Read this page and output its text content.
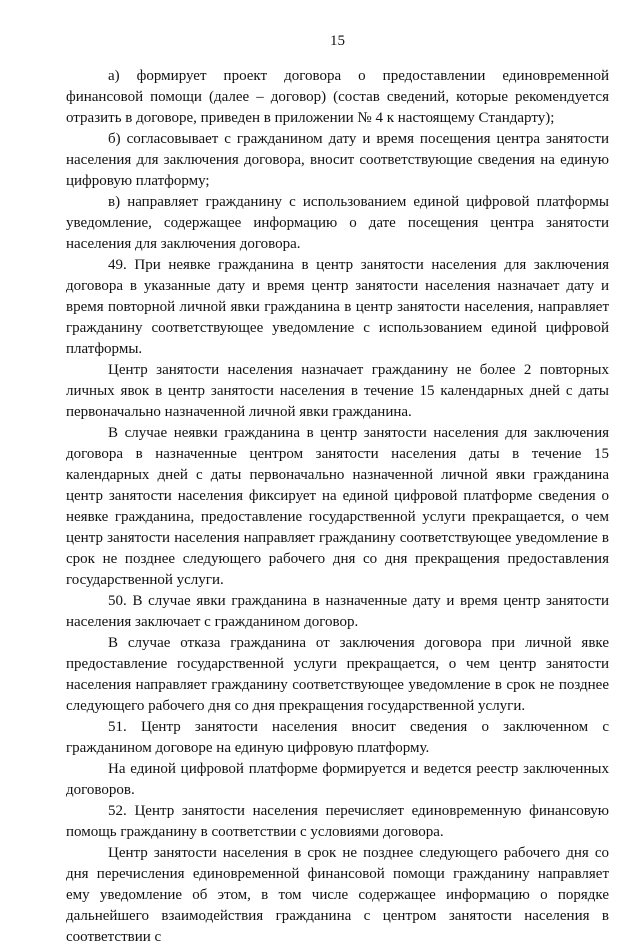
15

а) формирует проект договора о предоставлении единовременной финансовой помощи (далее – договор) (состав сведений, которые рекомендуется отразить в договоре, приведен в приложении № 4 к настоящему Стандарту);

б) согласовывает с гражданином дату и время посещения центра занятости населения для заключения договора, вносит соответствующие сведения на единую цифровую платформу;

в) направляет гражданину с использованием единой цифровой платформы уведомление, содержащее информацию о дате посещения центра занятости населения для заключения договора.

49. При неявке гражданина в центр занятости населения для заключения договора в указанные дату и время центр занятости населения назначает дату и время повторной личной явки гражданина в центр занятости населения, направляет гражданину соответствующее уведомление с использованием единой цифровой платформы.

Центр занятости населения назначает гражданину не более 2 повторных личных явок в центр занятости населения в течение 15 календарных дней с даты первоначально назначенной личной явки гражданина.

В случае неявки гражданина в центр занятости населения для заключения договора в назначенные центром занятости населения даты в течение 15 календарных дней с даты первоначально назначенной личной явки гражданина центр занятости населения фиксирует на единой цифровой платформе сведения о неявке гражданина, предоставление государственной услуги прекращается, о чем центр занятости населения направляет гражданину соответствующее уведомление в срок не позднее следующего рабочего дня со дня прекращения предоставления государственной услуги.

50. В случае явки гражданина в назначенные дату и время центр занятости населения заключает с гражданином договор.

В случае отказа гражданина от заключения договора при личной явке предоставление государственной услуги прекращается, о чем центр занятости населения направляет гражданину соответствующее уведомление в срок не позднее следующего рабочего дня со дня прекращения государственной услуги.

51. Центр занятости населения вносит сведения о заключенном с гражданином договоре на единую цифровую платформу.

На единой цифровой платформе формируется и ведется реестр заключенных договоров.

52. Центр занятости населения перечисляет единовременную финансовую помощь гражданину в соответствии с условиями договора.

Центр занятости населения в срок не позднее следующего рабочего дня со дня перечисления единовременной финансовой помощи гражданину направляет ему уведомление об этом, в том числе содержащее информацию о порядке дальнейшего взаимодействия гражданина с центром занятости населения в соответствии с
